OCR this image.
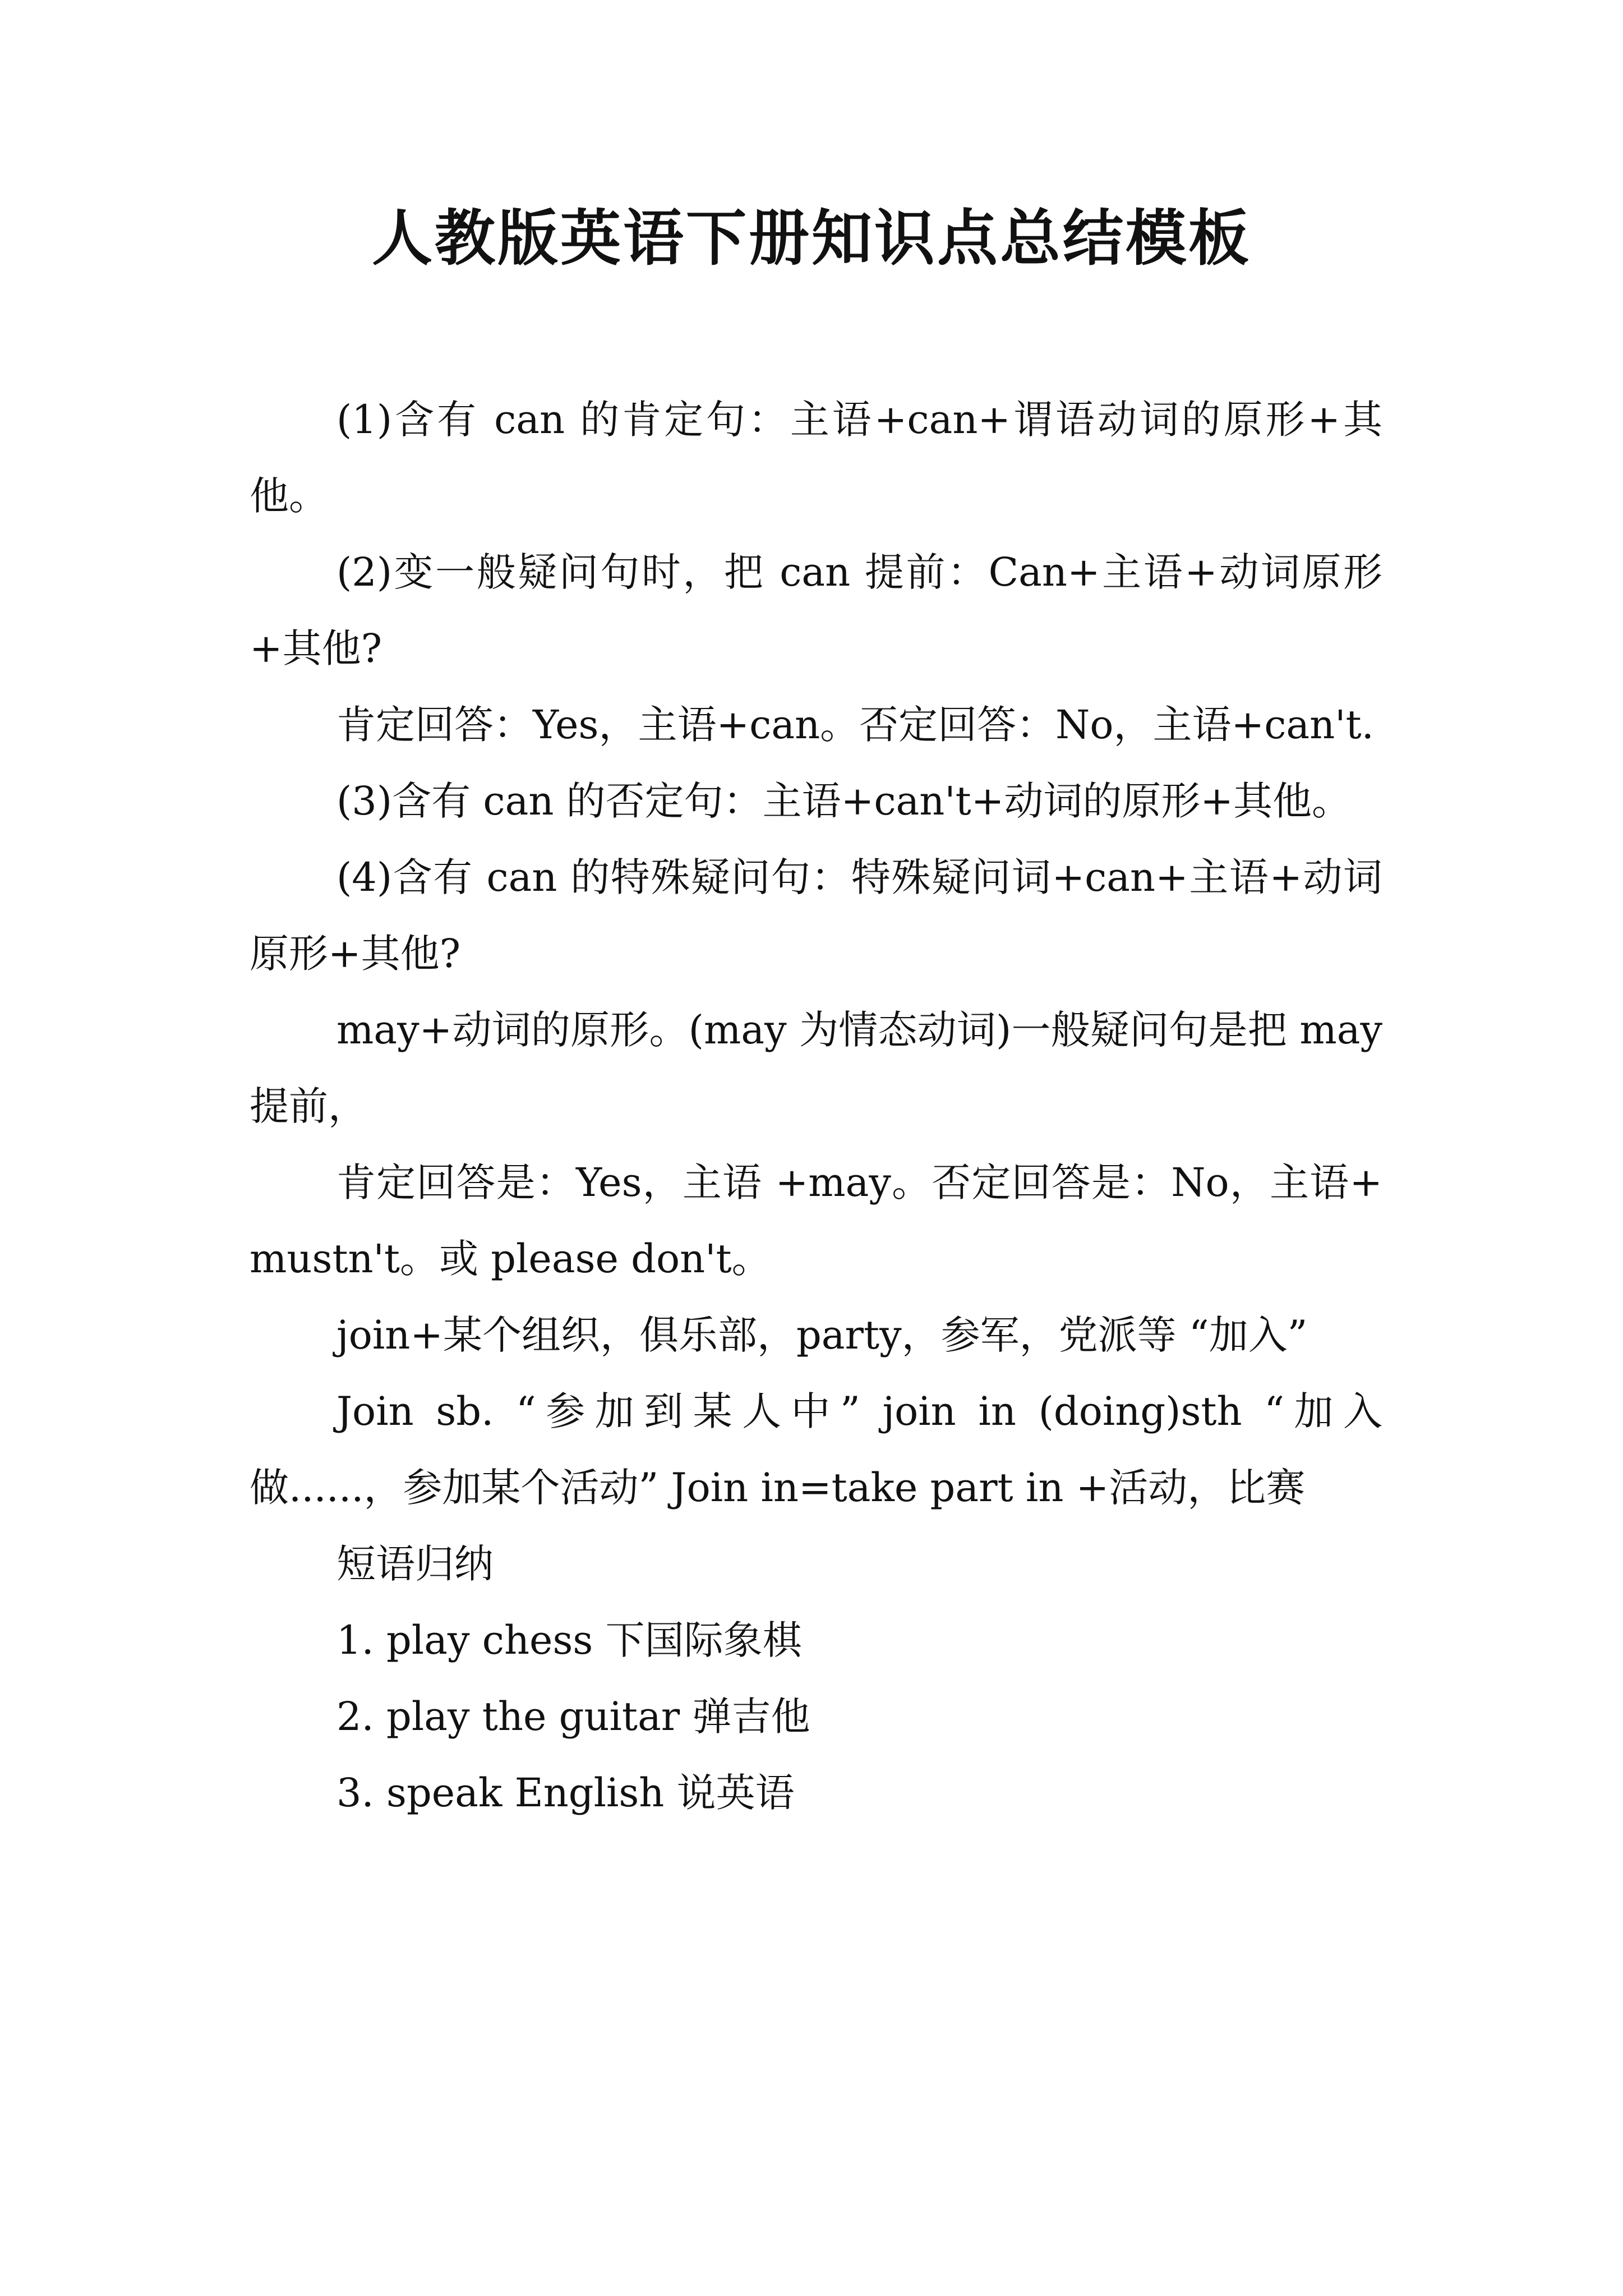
人教版英语下册知识点总结模板

(1)含有 can 的肯定句：主语+can+谓语动词的原形+其他。

(2)变一般疑问句时，把 can 提前：Can+主语+动词原形+其他?

肯定回答：Yes，主语+can。否定回答：No，主语+can't.

(3)含有 can 的否定句：主语+can't+动词的原形+其他。

(4)含有 can 的特殊疑问句：特殊疑问词+can+主语+动词原形+其他?

may+动词的原形。(may 为情态动词)一般疑问句是把 may 提前，

肯定回答是：Yes，主语 +may。否定回答是：No，主语+mustn't。或 please don't。

join+某个组织，俱乐部，party，参军，党派等 “加入”

Join sb. “参加到某人中” join in (doing)sth “加入做......，参加某个活动” Join in=take part in +活动，比赛

短语归纳

1. play chess 下国际象棋

2. play the guitar 弹吉他

3. speak English 说英语
